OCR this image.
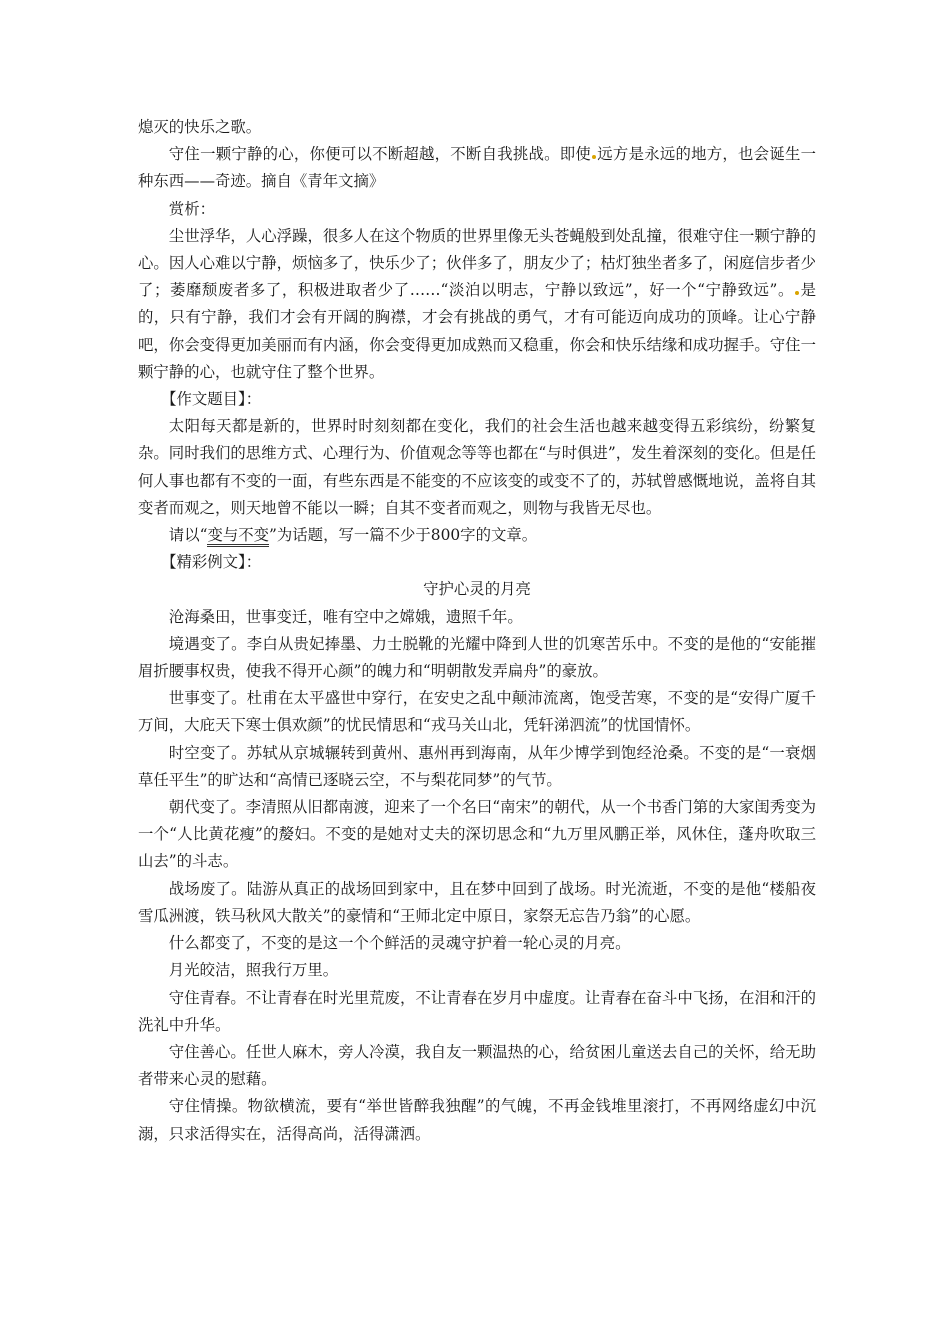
熄灭的快乐之歌。

守住一颗宁静的心，你便可以不断超越，不断自我挑战。即使 远方是永远的地方，也会诞生一种东西——奇迹。摘自《青年文摘》

赏析：

尘世浮华，人心浮躁，很多人在这个物质的世界里像无头苍蝇般到处乱撞，很难守住一颗宁静的心。因人心难以宁静，烦恼多了，快乐少了；伙伴多了，朋友少了；枯灯独坐者多了，闲庭信步者少了；萎靡颓废者多了，积极进取者少了……“淡泊以明志，宁静以致远”，好一个“宁静致远”。 是的，只有宁静，我们才会有开阔的胸襟，才会有挑战的勇气，才有可能迈向成功的顶峰。让心宁静吧，你会变得更加美丽而有内涵，你会变得更加成熟而又稳重，你会和快乐结缘和成功握手。守住一颗宁静的心，也就守住了整个世界。

【作文题目】：

太阳每天都是新的，世界时时刻刻都在变化，我们的社会生活也越来越变得五彩缤纷，纷繁复杂。同时我们的思维方式、心理行为、价值观念等等也都在“与时俱进”，发生着深刻的变化。但是任何人事也都有不变的一面，有些东西是不能变的不应该变的或变不了的，苏轼曾感慨地说，盖将自其变者而观之，则天地曾不能以一瞬；自其不变者而观之，则物与我皆无尽也。

请以“变与不变”为话题，写一篇不少于800字的文章。

【精彩例文】：

守护心灵的月亮

沧海桑田，世事变迁，唯有空中之嫦娥，遗照千年。

境遇变了。李白从贵妃捧墨、力士脱靴的光耀中降到人世的饥寒苦乐中。不变的是他的“安能摧眉折腰事权贵，使我不得开心颜”的魄力和“明朝散发弄扁舟”的豪放。

世事变了。杜甫在太平盛世中穿行，在安史之乱中颠沛流离，饱受苦寒，不变的是“安得广厦千万间，大庇天下寒士俱欢颜”的忧民情思和“戎马关山北，凭轩涕泗流”的忧国情怀。

时空变了。苏轼从京城辗转到黄州、惠州再到海南，从年少博学到饱经沧桑。不变的是“一衰烟草任平生”的旷达和“高情已逐晓云空，不与梨花同梦”的气节。

朝代变了。李清照从旧都南渡，迎来了一个名曰“南宋”的朝代，从一个书香门第的大家闺秀变为一个“人比黄花瘦”的嫠妇。不变的是她对丈夫的深切思念和“九万里风鹏正举，风休住，蓬舟吹取三山去”的斗志。

战场废了。陆游从真正的战场回到家中，且在梦中回到了战场。时光流逝，不变的是他“楼船夜雪瓜洲渡，铁马秋风大散关”的豪情和“王师北定中原日，家祭无忘告乃翁”的心愿。

什么都变了，不变的是这一个个鲜活的灵魂守护着一轮心灵的月亮。

月光皎洁，照我行万里。

守住青春。不让青春在时光里荒废，不让青春在岁月中虚度。让青春在奋斗中飞扬，在泪和汗的洗礼中升华。

守住善心。任世人麻木，旁人冷漠，我自友一颗温热的心，给贫困儿童送去自己的关怀，给无助者带来心灵的慰藉。

守住情操。物欲横流，要有“举世皆醉我独醒”的气魄，不再金钱堆里滚打，不再网络虚幻中沉溺，只求活得实在，活得高尚，活得潇洒。
